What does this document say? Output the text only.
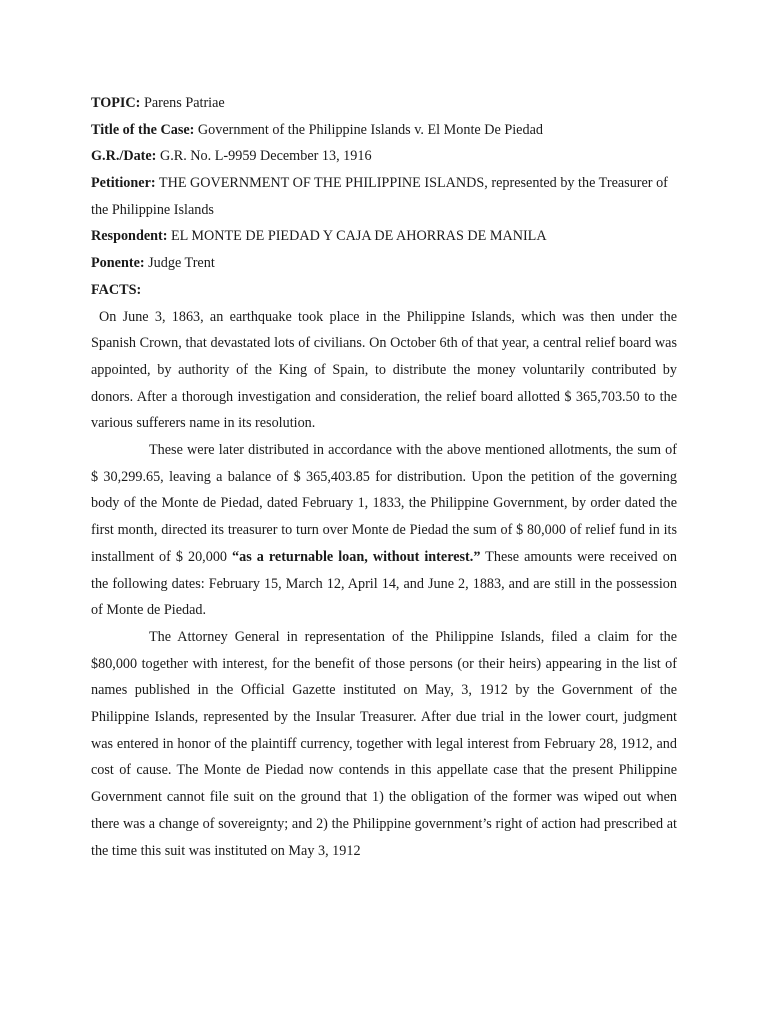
TOPIC: Parens Patriae
Title of the Case: Government of the Philippine Islands v. El Monte De Piedad
G.R./Date: G.R. No. L-9959 December 13, 1916
Petitioner: THE GOVERNMENT OF THE PHILIPPINE ISLANDS, represented by the Treasurer of the Philippine Islands
Respondent: EL MONTE DE PIEDAD Y CAJA DE AHORRAS DE MANILA
Ponente: Judge Trent
FACTS:

On June 3, 1863, an earthquake took place in the Philippine Islands, which was then under the Spanish Crown, that devastated lots of civilians. On October 6th of that year, a central relief board was appointed, by authority of the King of Spain, to distribute the money voluntarily contributed by donors. After a thorough investigation and consideration, the relief board allotted $ 365,703.50 to the various sufferers name in its resolution.

These were later distributed in accordance with the above mentioned allotments, the sum of $ 30,299.65, leaving a balance of $ 365,403.85 for distribution. Upon the petition of the governing body of the Monte de Piedad, dated February 1, 1833, the Philippine Government, by order dated the first month, directed its treasurer to turn over Monte de Piedad the sum of $ 80,000 of relief fund in its installment of $ 20,000 “as a returnable loan, without interest.” These amounts were received on the following dates: February 15, March 12, April 14, and June 2, 1883, and are still in the possession of Monte de Piedad.

The Attorney General in representation of the Philippine Islands, filed a claim for the $80,000 together with interest, for the benefit of those persons (or their heirs) appearing in the list of names published in the Official Gazette instituted on May, 3, 1912 by the Government of the Philippine Islands, represented by the Insular Treasurer. After due trial in the lower court, judgment was entered in honor of the plaintiff currency, together with legal interest from February 28, 1912, and cost of cause. The Monte de Piedad now contends in this appellate case that the present Philippine Government cannot file suit on the ground that 1) the obligation of the former was wiped out when there was a change of sovereignty; and 2) the Philippine government’s right of action had prescribed at the time this suit was instituted on May 3, 1912
